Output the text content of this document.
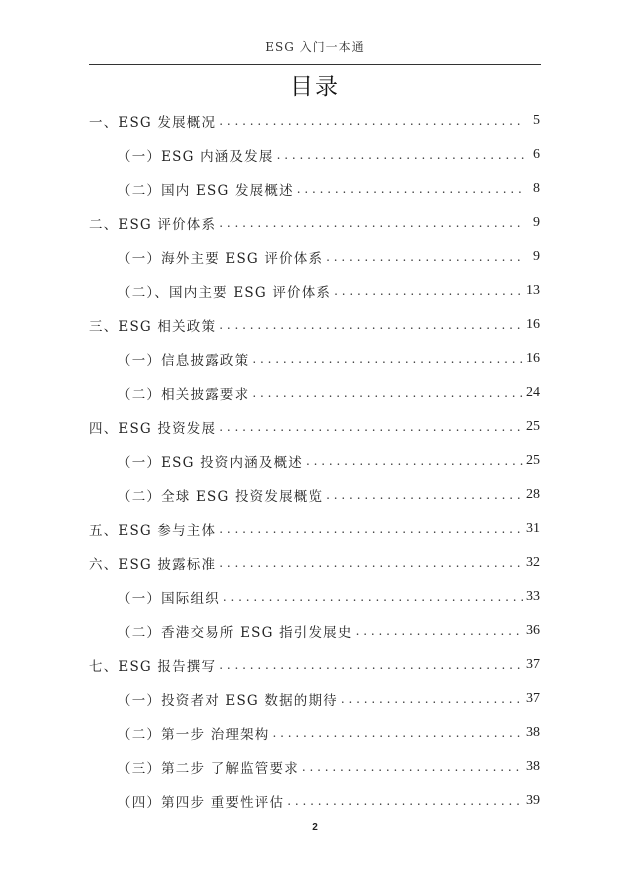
ESG 入门一本通
目录
一、ESG 发展概况 . . .	5
（一）ESG 内涵及发展 . . .	6
（二）国内 ESG 发展概述 . . .	8
二、ESG 评价体系 . . .	9
（一）海外主要 ESG 评价体系 . . .	9
（二）、国内主要 ESG 评价体系 . . .	13
三、ESG 相关政策 . . .	16
（一）信息披露政策 . . .	16
（二）相关披露要求 . . .	24
四、ESG 投资发展 . . .	25
（一）ESG 投资内涵及概述 . . .	25
（二）全球 ESG 投资发展概览 . . .	28
五、ESG 参与主体 . . .	31
六、ESG 披露标准 . . .	32
（一）国际组织 . . .	33
（二）香港交易所 ESG 指引发展史 . . .	36
七、ESG 报告撰写 . . .	37
（一）投资者对 ESG 数据的期待 . . .	37
（二）第一步 治理架构 . . .	38
（三）第二步 了解监管要求 . . .	38
（四）第四步 重要性评估 . . .	39
2
